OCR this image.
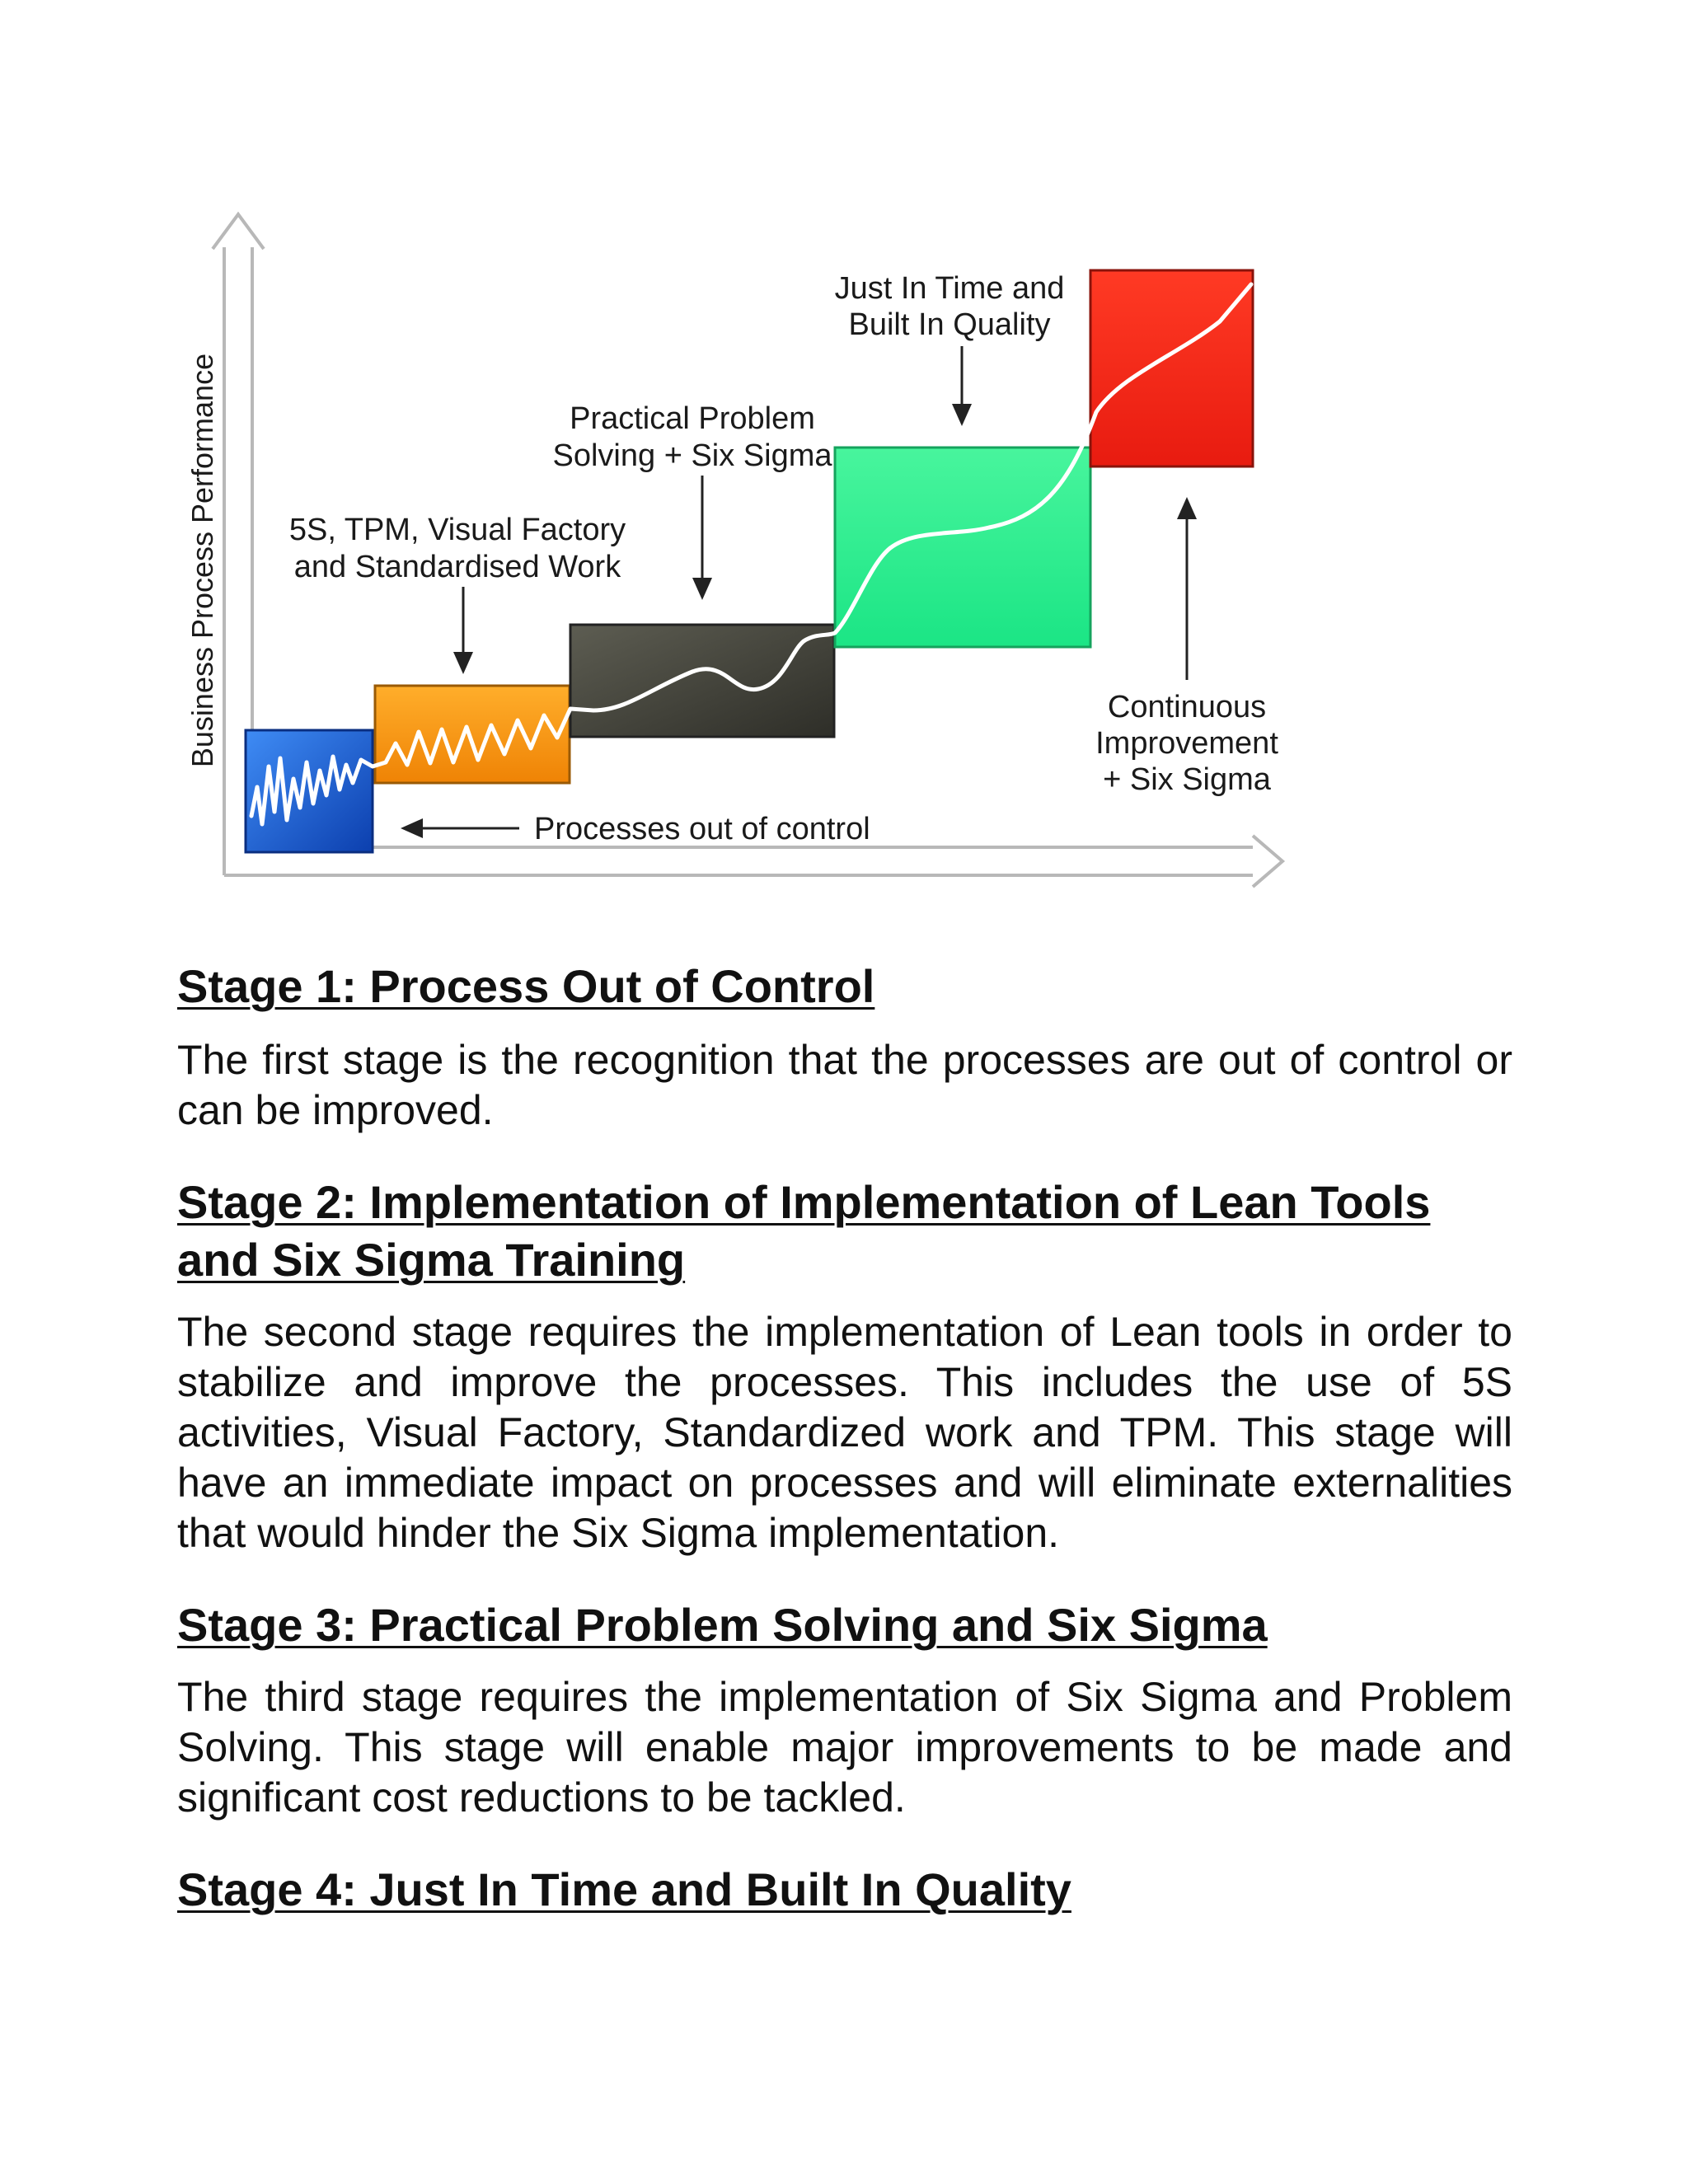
Business Process Performance 5S, TPM, Visual Factory
and Standardised Work
Practical Problem
Solving + Six Sigma
Just In Time and
Built In Quality
Continuous
Improvement
+ Six Sigma
Processes out of control
Stage 1: Process Out of Control

The first stage is the recognition that the processes are out of control or can be improved.

Stage 2: Implementation of Implementation of Lean Tools and Six Sigma Training

The second stage requires the implementation of Lean tools in order to stabilize and improve the processes. This includes the use of 5S activities, Visual Factory, Standardized work and TPM. This stage will have an immediate impact on processes and will eliminate externalities that would hinder the Six Sigma implementation.

Stage 3: Practical Problem Solving and Six Sigma

The third stage requires the implementation of Six Sigma and Problem Solving. This stage will enable major improvements to be made and significant cost reductions to be tackled.

Stage 4: Just In Time and Built In Quality
